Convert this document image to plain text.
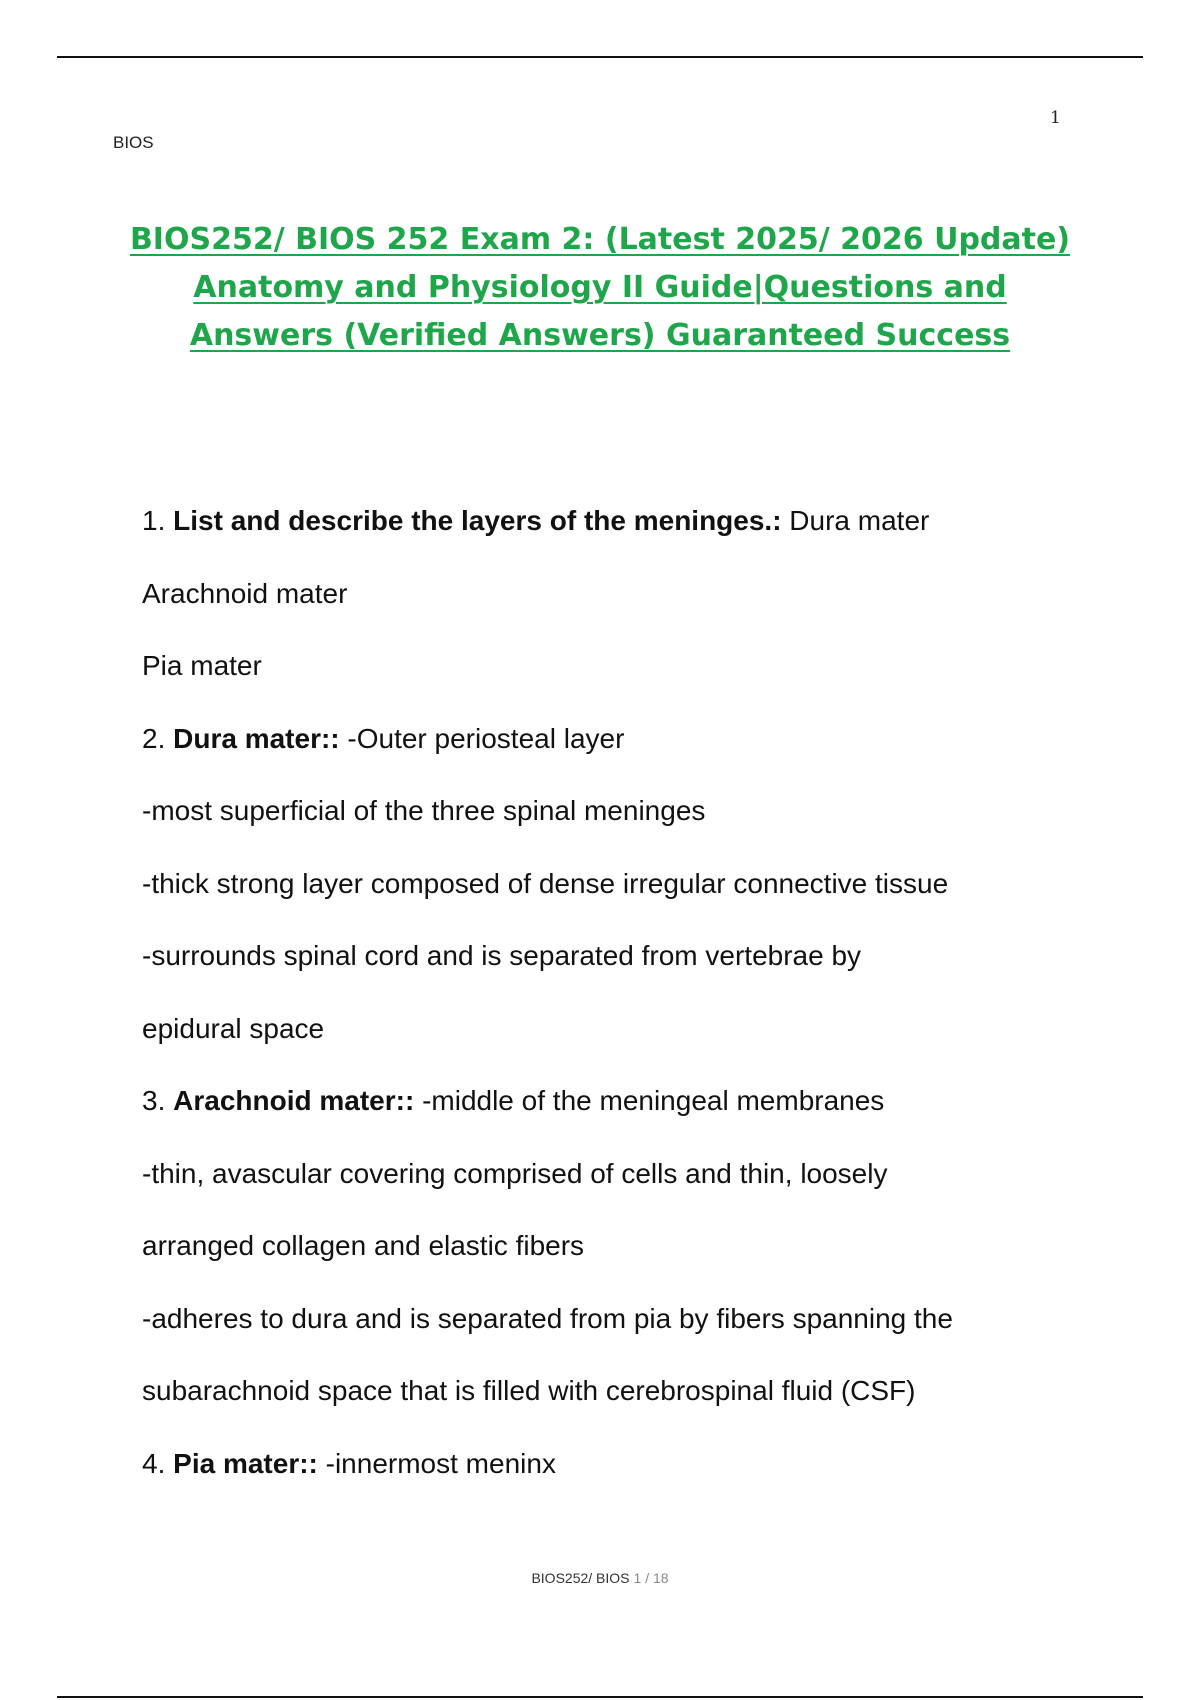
1
BIOS
BIOS252/ BIOS 252 Exam 2: (Latest 2025/ 2026 Update) Anatomy and Physiology II Guide|Questions and Answers (Verified Answers) Guaranteed Success
1. List and describe the layers of the meninges.: Dura mater
Arachnoid mater
Pia mater
2. Dura mater:: -Outer periosteal layer
-most superficial of the three spinal meninges
-thick strong layer composed of dense irregular connective tissue
-surrounds spinal cord and is separated from vertebrae by
epidural space
3. Arachnoid mater:: -middle of the meningeal membranes
-thin, avascular covering comprised of cells and thin, loosely
arranged collagen and elastic fibers
-adheres to dura and is separated from pia by fibers spanning the
subarachnoid space that is filled with cerebrospinal fluid (CSF)
4. Pia mater:: -innermost meninx
BIOS252/ BIOS 1 / 18
